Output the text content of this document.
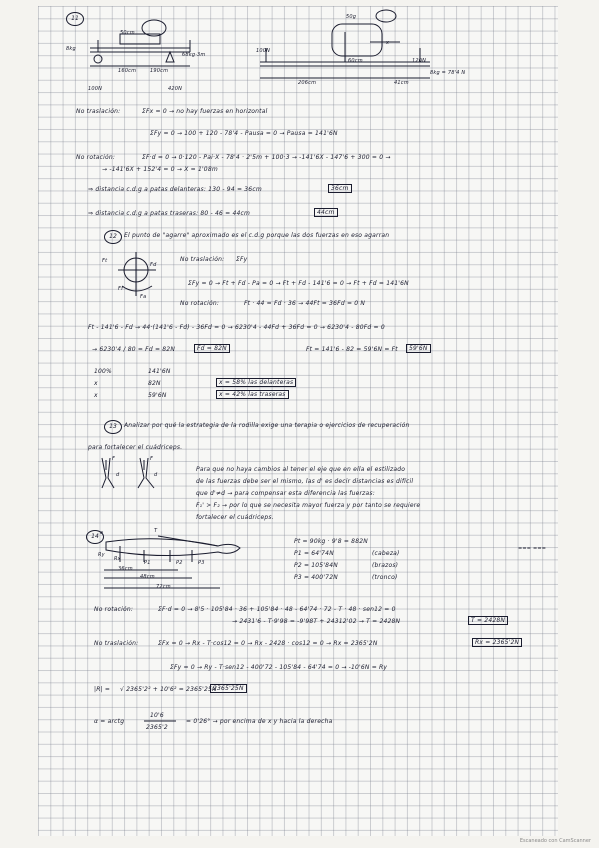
11
8kg
50cm
160cm
100N	420N
68kg·3m
190cm
100N
50g
60cm
x
120N
206cm	41cm
8kg = 78'4 N
No traslación:	ΣFx = 0 → no hay fuerzas en horizontal
ΣFy = 0 → 100 + 120 - 78'4 - Pausa = 0 → Pausa = 141'6N
No rotación:	ΣF·d = 0 → 0·120 - Pai·X - 78'4 · 2'5m + 100·3 → -141'6X - 147'6 + 300 = 0 →
→ -141'6X + 152'4 = 0 → X = 1'08m
⇒ distancia c.d.g a patas delanteras: 130 - 94 = 36cm	36cm
⇒ distancia c.d.g a patas traseras: 80 - 46 = 44cm	44cm
12	El punto de "agarre" aproximado es el c.d.g porque las dos fuerzas en eso agarran
Ft
Fd
Ff
Fa
No traslación: ΣFy
ΣFy = 0 → Ft + Fd - Pa = 0 → Ft + Fd - 141'6 = 0 → Ft + Fd = 141'6N
No rotación:	Ft · 44 = Fd · 36 → 44Ft = 36Fd = 0 N
Ft - 141'6 - Fd → 44·(141'6 - Fd) - 36Fd = 0 → 6230'4 - 44Fd + 36Fd = 0 → 6230'4 - 80Fd = 0
→ 6230'4 / 80 = Fd = 82N	Fd = 82N	Ft = 141'6 - 82 = 59'6N = Ft	59'6N
100%	141'6N
x	82N
x	59'6N
x = 58% las delanteras
x = 42% las traseras
13	Analizar por qué la estrategia de la rodilla exige una terapia o ejercicios de recuperación
para fortalecer el cuádriceps.
F
d
F
d
Para que no haya cambios al tener el eje que en ella el estilizado
de las fuerzas debe ser el mismo, las d' es decir distancias es difícil
que d'≠d → para compensar esta diferencia las fuerzas:
F₁' > F₂ → por lo que se necesita mayor fuerza y por tanto se requiere
fortalecer el cuádriceps.
14 a	T
Ry
Rx
P1	P2	P3
36cm
48cm
72cm
Pt = 90kg · 9'8 = 882N
P1 = 64'74N	(cabeza)
P2 = 105'84N	(brazos)
P3 = 400'72N	(tronco)
=== ===
No rotación:	ΣF·d = 0 → 8'5 · 105'84 · 36 + 105'84 · 48 - 64'74 · 72 - T · 48 · sen12 = 0
→ 2431'6 - T·9'98 = -9'98T + 24312'02 → T = 2428N	T = 2428N
No traslación:	ΣFx = 0 → Rx - T·cos12 = 0 → Rx - 2428 · cos12 = 0 → Rx = 2365'2N	Rx = 2365'2N
ΣFy = 0 → Ry - T·sen12 - 400'72 - 105'84 - 64'74 = 0 → -10'6N = Ry
|R| = √ 2365'2² + 10'6² = 2365'25N
2365'25N
α = arctg
10'6
2365'2
= 0'26° → por encima de x y hacia la derecha
Escaneado con CamScanner
